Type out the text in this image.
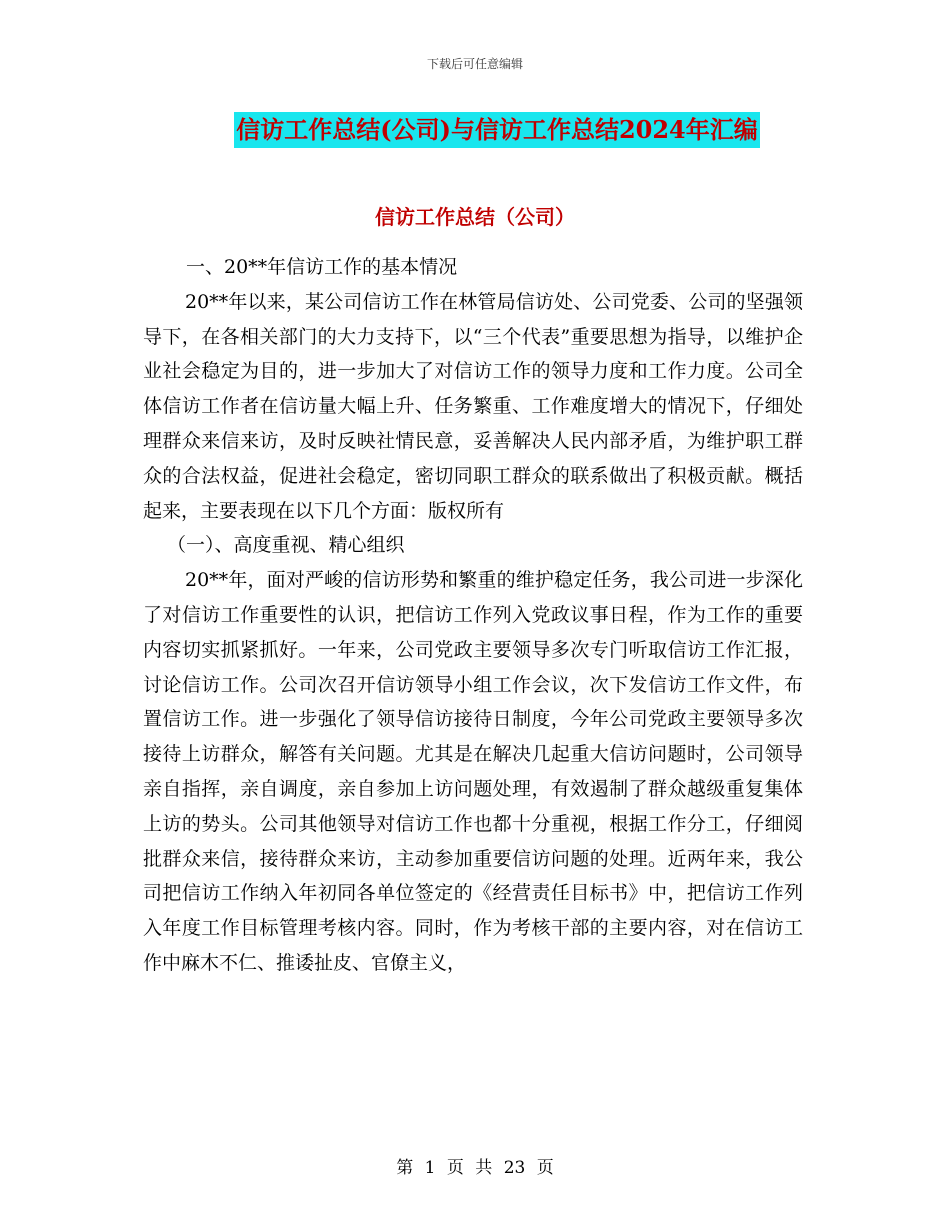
下载后可任意编辑
信访工作总结(公司)与信访工作总结2024年汇编
信访工作总结（公司）

一、20**年信访工作的基本情况

20**年以来，某公司信访工作在林管局信访处、公司党委、公司的坚强领导下，在各相关部门的大力支持下，以“三个代表”重要思想为指导，以维护企业社会稳定为目的，进一步加大了对信访工作的领导力度和工作力度。公司全体信访工作者在信访量大幅上升、任务繁重、工作难度增大的情况下，仔细处理群众来信来访，及时反映社情民意，妥善解决人民内部矛盾，为维护职工群众的合法权益，促进社会稳定，密切同职工群众的联系做出了积极贡献。概括起来，主要表现在以下几个方面：版权所有

（一）、高度重视、精心组织

20**年，面对严峻的信访形势和繁重的维护稳定任务，我公司进一步深化了对信访工作重要性的认识，把信访工作列入党政议事日程，作为工作的重要内容切实抓紧抓好。一年来，公司党政主要领导多次专门听取信访工作汇报，讨论信访工作。公司次召开信访领导小组工作会议，次下发信访工作文件，布置信访工作。进一步强化了领导信访接待日制度，今年公司党政主要领导多次接待上访群众，解答有关问题。尤其是在解决几起重大信访问题时，公司领导亲自指挥，亲自调度，亲自参加上访问题处理，有效遏制了群众越级重复集体上访的势头。公司其他领导对信访工作也都十分重视，根据工作分工，仔细阅批群众来信，接待群众来访，主动参加重要信访问题的处理。近两年来，我公司把信访工作纳入年初同各单位签定的《经营责任目标书》中，把信访工作列入年度工作目标管理考核内容。同时，作为考核干部的主要内容，对在信访工作中麻木不仁、推诿扯皮、官僚主义，

第 1 页 共 23 页
